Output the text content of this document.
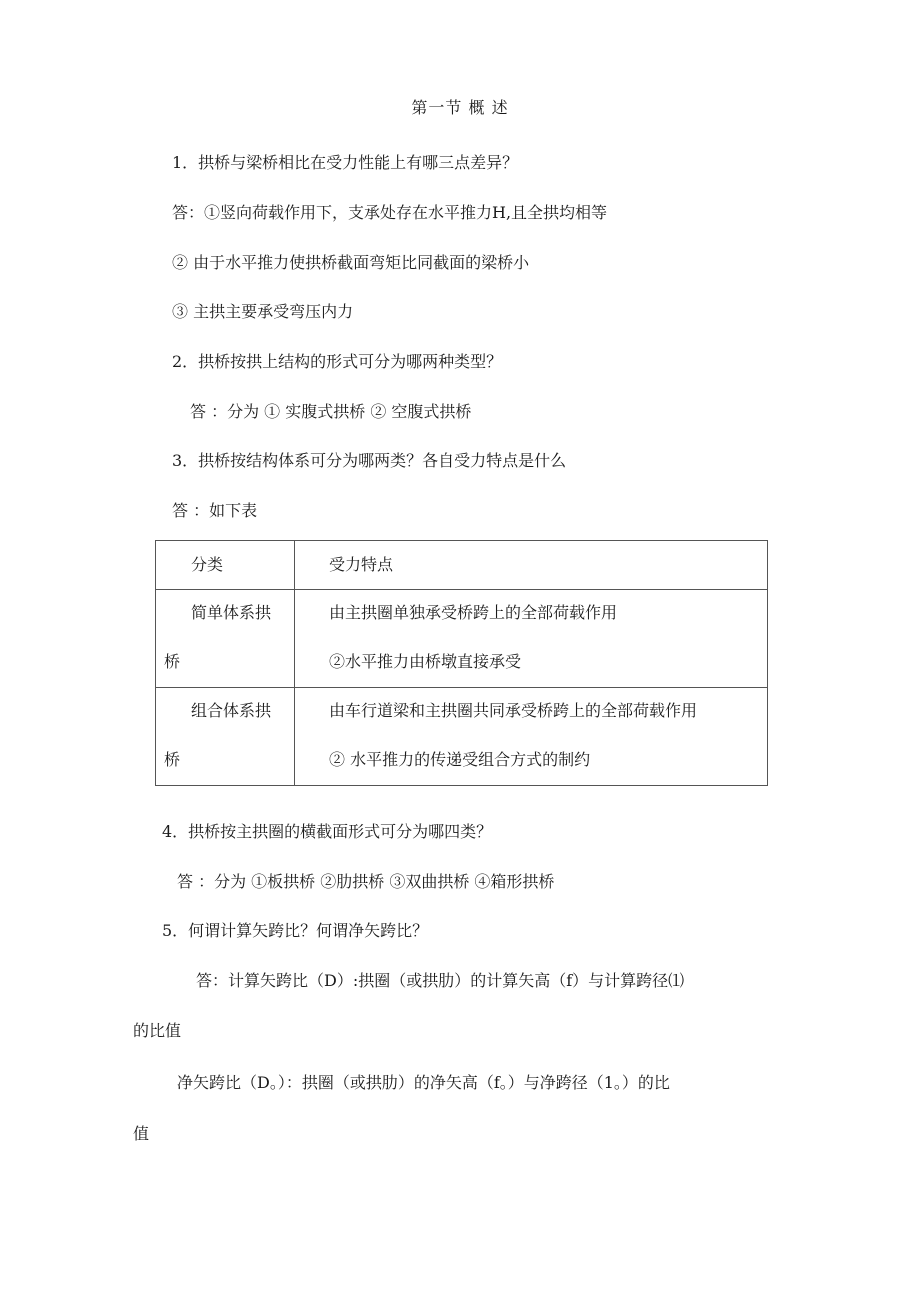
第一节 概 述
1．拱桥与梁桥相比在受力性能上有哪三点差异？
答：①竖向荷载作用下，支承处存在水平推力H,且全拱均相等
② 由于水平推力使拱桥截面弯矩比同截面的梁桥小
③ 主拱主要承受弯压内力
2．拱桥按拱上结构的形式可分为哪两种类型？
答 ：分为 ① 实腹式拱桥 ② 空腹式拱桥
3．拱桥按结构体系可分为哪两类？各自受力特点是什么
答 ：如下表
分类	受力特点

简单体系拱
桥	由主拱圈单独承受桥跨上的全部荷载作用
②水平推力由桥墩直接承受

组合体系拱
桥	由车行道梁和主拱圈共同承受桥跨上的全部荷载作用
② 水平推力的传递受组合方式的制约
4．拱桥按主拱圈的横截面形式可分为哪四类？
答 ：分为 ①板拱桥 ②肋拱桥 ③双曲拱桥 ④箱形拱桥
5．何谓计算矢跨比？何谓净矢跨比？
答：计算矢跨比（D）:拱圈（或拱肋）的计算矢高（f）与计算跨径⑴
的比值
净矢跨比（D。）：拱圈（或拱肋）的净矢高（f。）与净跨径（1。）的比
值
